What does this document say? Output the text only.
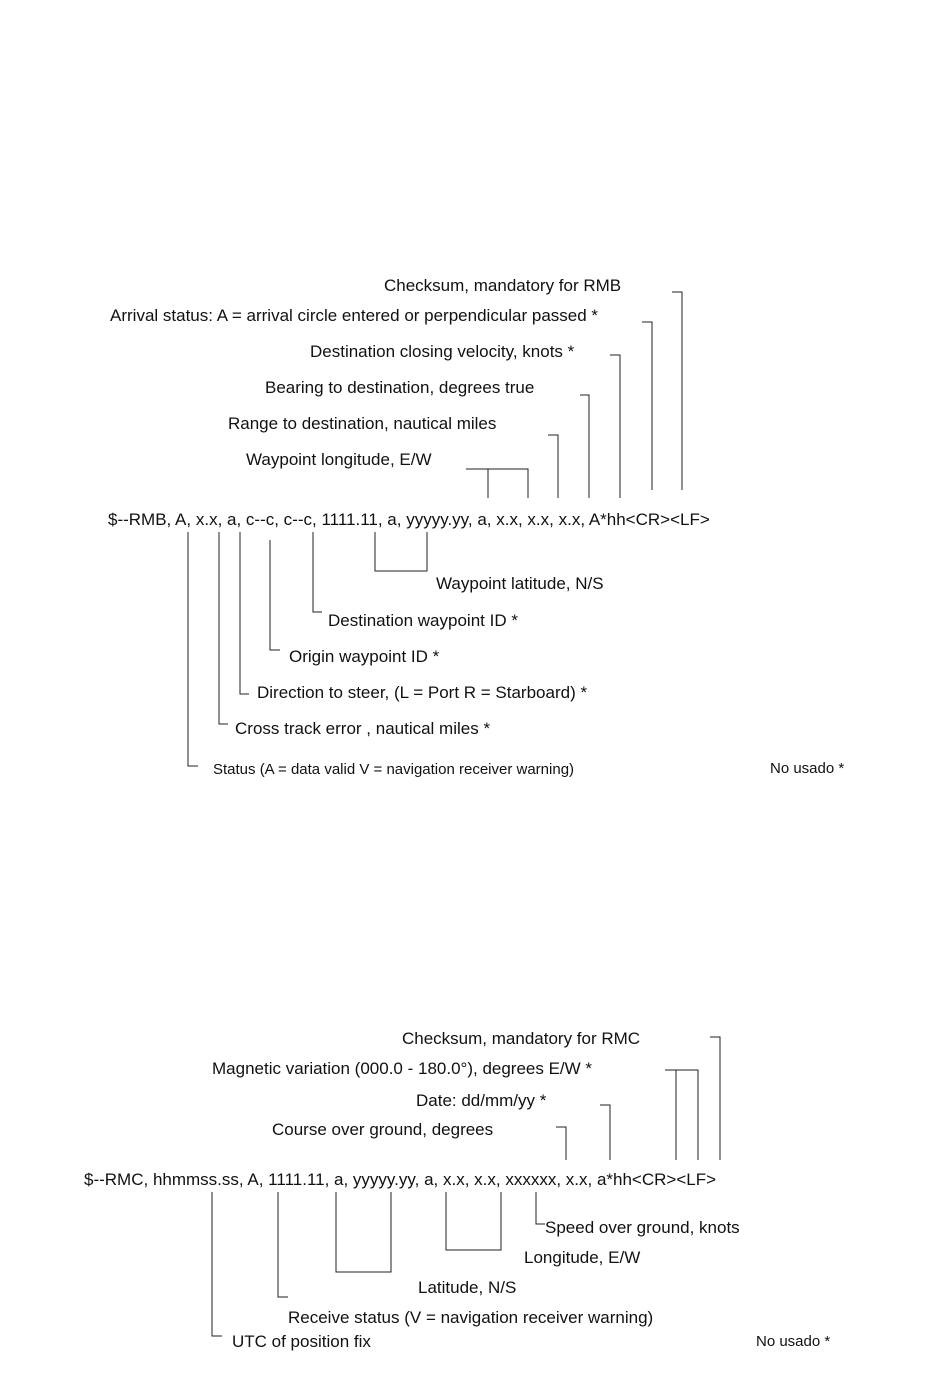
Checksum, mandatory for RMB
Arrival status: A = arrival circle entered or perpendicular passed *
Destination closing velocity, knots *
Bearing to destination, degrees true
Range to destination, nautical miles
Waypoint longitude, E/W
$--RMB, A, x.x, a, c--c, c--c, 1111.11, a, yyyyy.yy, a, x.x, x.x, x.x, A*hh<CR><LF>
Waypoint latitude, N/S
Destination waypoint ID *
Origin waypoint ID *
Direction to steer, (L = Port R = Starboard) *
Cross track error , nautical miles *
Status (A = data valid V = navigation receiver warning)	No usado *
Checksum, mandatory for RMC
Magnetic variation (000.0 - 180.0°), degrees E/W *
Date: dd/mm/yy *
Course over ground, degrees
$--RMC, hhmmss.ss, A, 1111.11, a, yyyyy.yy, a, x.x, x.x, xxxxxx, x.x, a*hh<CR><LF>
Speed over ground, knots
Longitude, E/W
Latitude, N/S
Receive status (V = navigation receiver warning)
UTC of position fix	No usado *
